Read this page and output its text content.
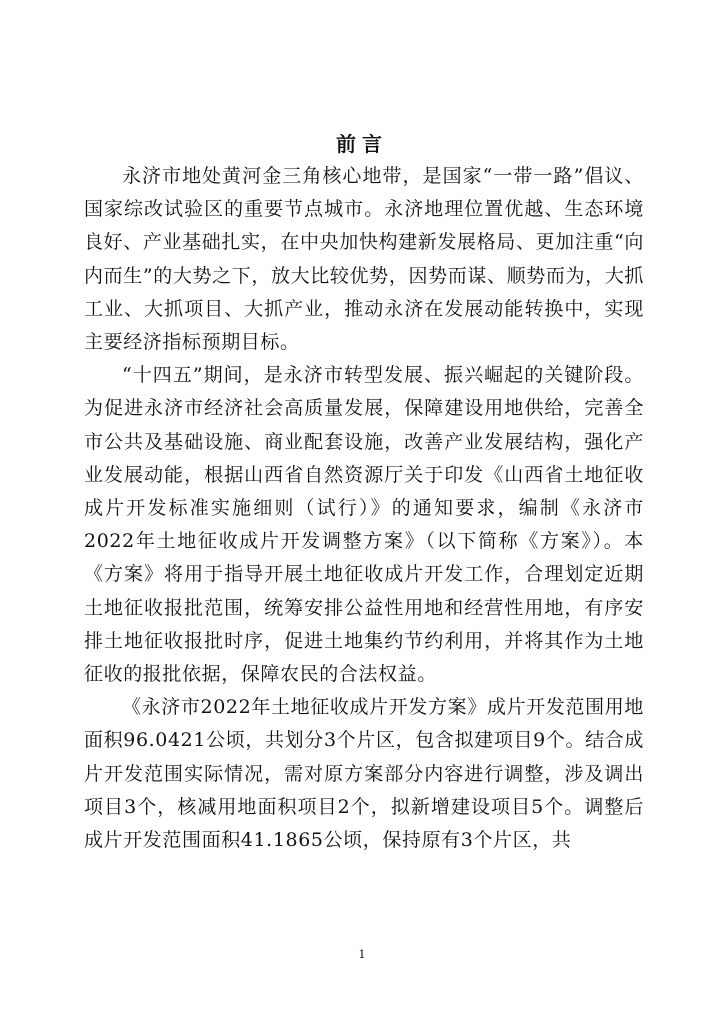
前言

永济市地处黄河金三角核心地带，是国家“一带一路”倡议、国家综改试验区的重要节点城市。永济地理位置优越、生态环境良好、产业基础扎实，在中央加快构建新发展格局、更加注重“向内而生”的大势之下，放大比较优势，因势而谋、顺势而为，大抓工业、大抓项目、大抓产业，推动永济在发展动能转换中，实现主要经济指标预期目标。

“十四五”期间，是永济市转型发展、振兴崛起的关键阶段。为促进永济市经济社会高质量发展，保障建设用地供给，完善全市公共及基础设施、商业配套设施，改善产业发展结构，强化产业发展动能，根据山西省自然资源厅关于印发《山西省土地征收成片开发标准实施细则（试行）》的通知要求，编制《永济市2022年土地征收成片开发调整方案》（以下简称《方案》）。本《方案》将用于指导开展土地征收成片开发工作，合理划定近期土地征收报批范围，统筹安排公益性用地和经营性用地，有序安排土地征收报批时序，促进土地集约节约利用，并将其作为土地征收的报批依据，保障农民的合法权益。

《永济市2022年土地征收成片开发方案》成片开发范围用地面积96.0421公顷，共划分3个片区，包含拟建项目9个。结合成片开发范围实际情况，需对原方案部分内容进行调整，涉及调出项目3个，核减用地面积项目2个，拟新增建设项目5个。调整后成片开发范围面积41.1865公顷，保持原有3个片区，共

1
